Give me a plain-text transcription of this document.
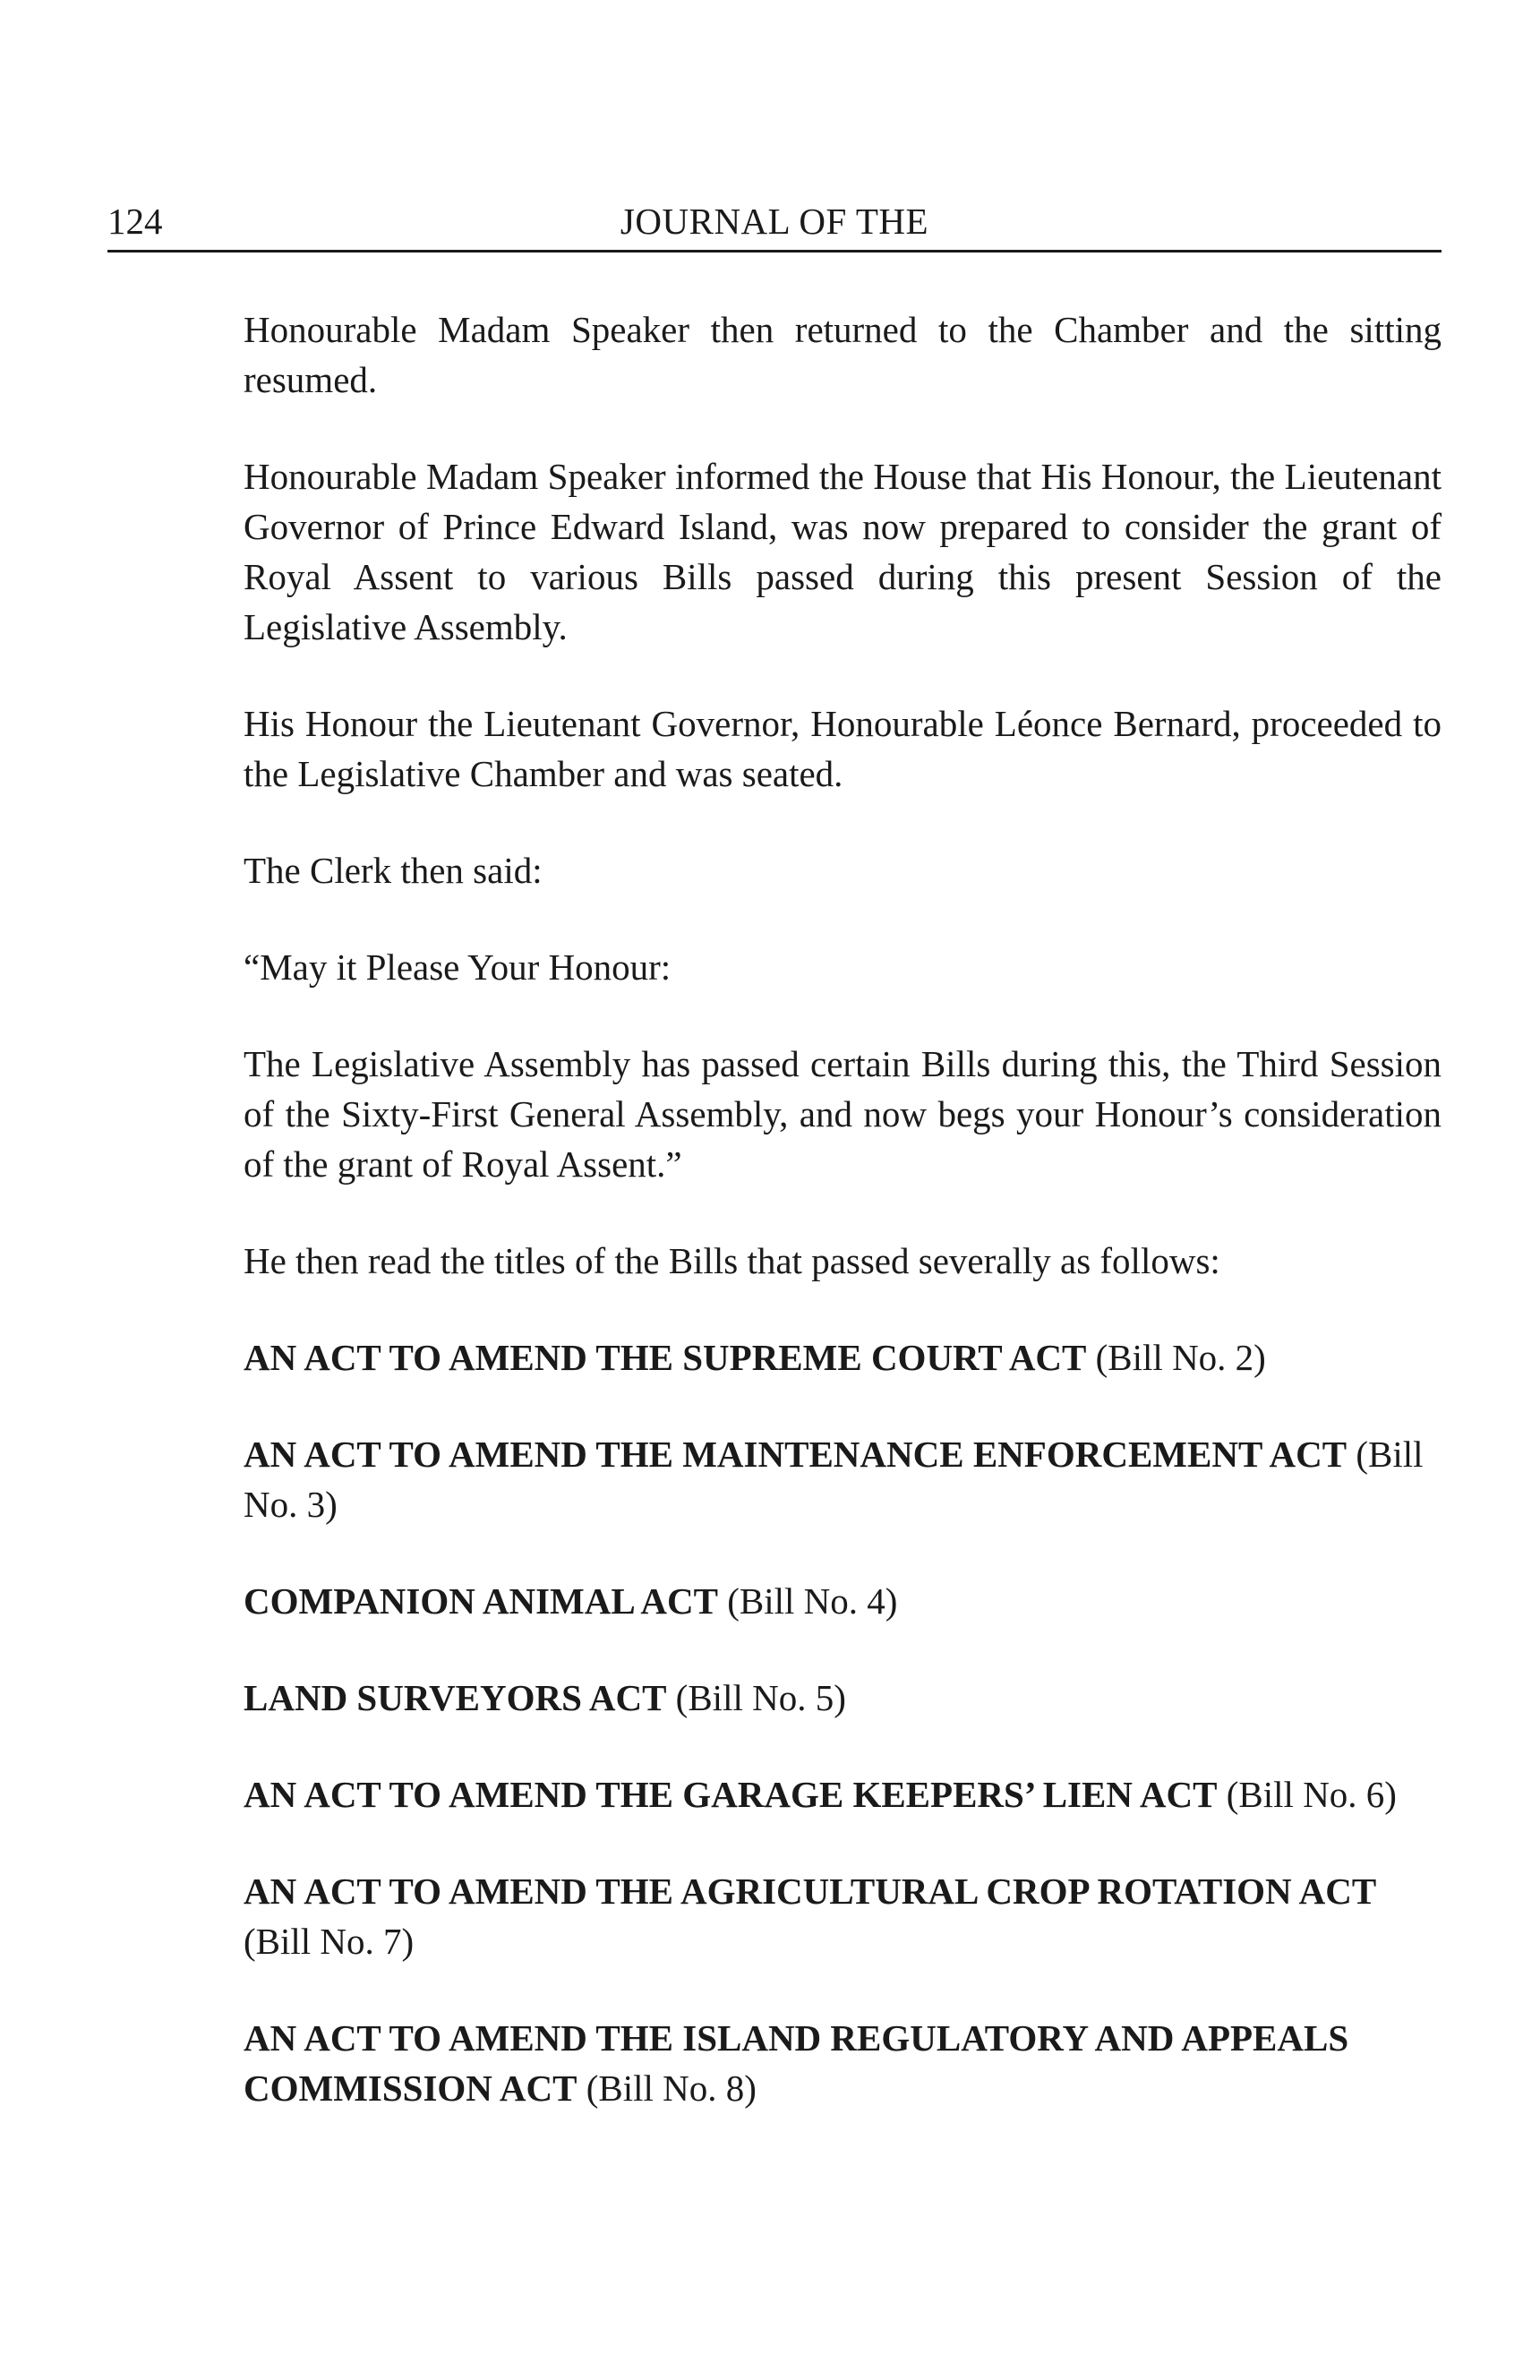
124	JOURNAL OF THE

Honourable Madam Speaker then returned to the Chamber and the sitting resumed.

Honourable Madam Speaker informed the House that His Honour, the Lieutenant Governor of Prince Edward Island, was now prepared to consider the grant of Royal Assent to various Bills passed during this present Session of the Legislative Assembly.

His Honour the Lieutenant Governor, Honourable Léonce Bernard, proceeded to the Legislative Chamber and was seated.

The Clerk then said:

“May it Please Your Honour:

The Legislative Assembly has passed certain Bills during this, the Third Session of the Sixty-First General Assembly, and now begs your Honour’s consideration of the grant of Royal Assent.”

He then read the titles of the Bills that passed severally as follows:

AN ACT TO AMEND THE SUPREME COURT ACT (Bill No. 2)

AN ACT TO AMEND THE MAINTENANCE ENFORCEMENT ACT (Bill No. 3)

COMPANION ANIMAL ACT (Bill No. 4)

LAND SURVEYORS ACT (Bill No. 5)

AN ACT TO AMEND THE GARAGE KEEPERS’ LIEN ACT (Bill No. 6)

AN ACT TO AMEND THE AGRICULTURAL CROP ROTATION ACT (Bill No. 7)

AN ACT TO AMEND THE ISLAND REGULATORY AND APPEALS COMMISSION ACT (Bill No. 8)
